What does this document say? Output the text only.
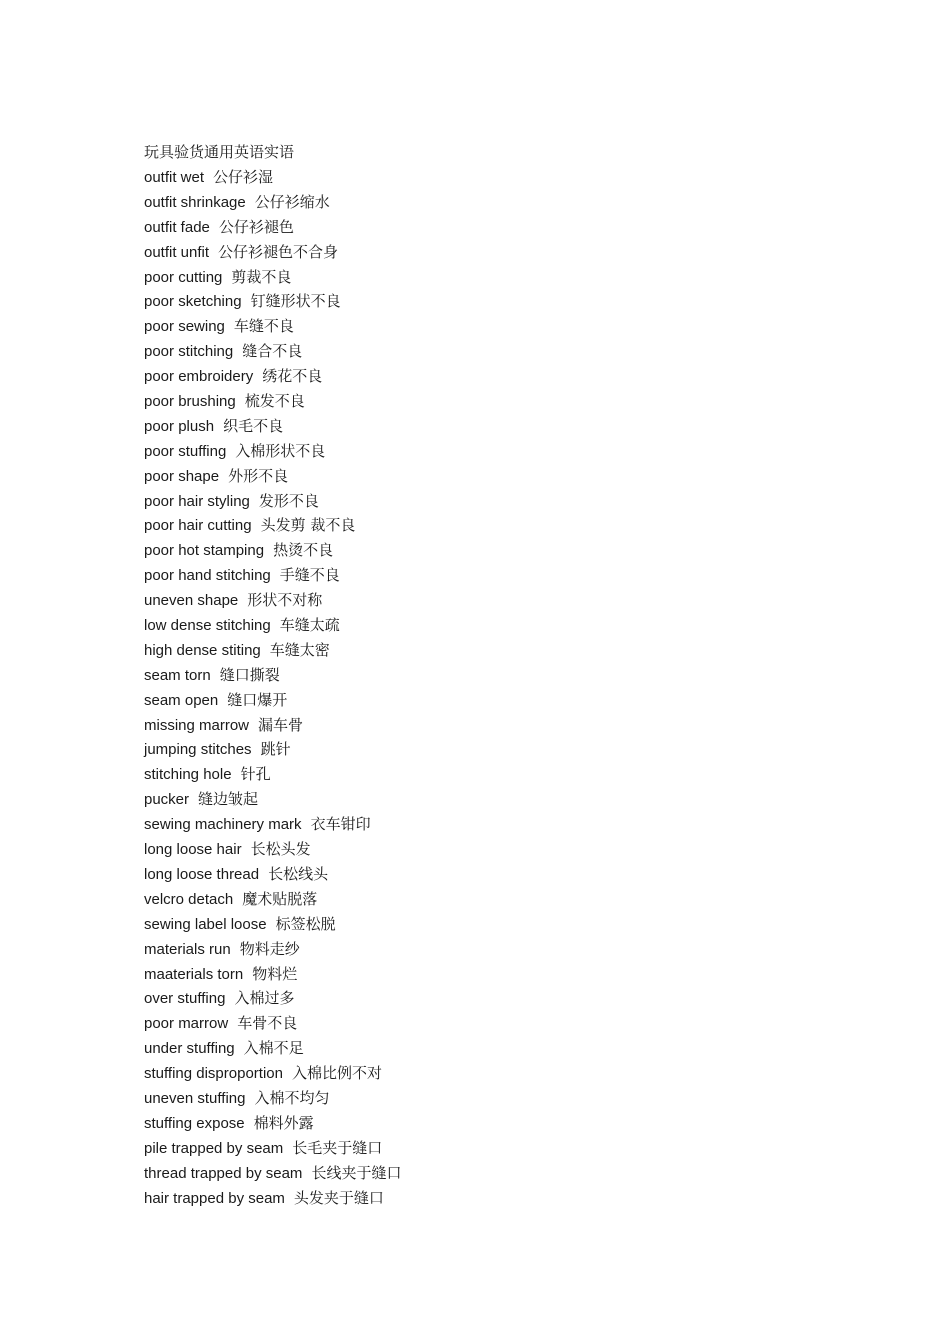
玩具验货通用英语实语
outfit wet 公仔衫湿
outfit shrinkage 公仔衫缩水
outfit fade 公仔衫褪色
outfit unfit 公仔衫褪色不合身
poor cutting 剪裁不良
poor sketching 钉缝形状不良
poor sewing 车缝不良
poor stitching 缝合不良
poor embroidery 绣花不良
poor brushing 梳发不良
poor plush 织毛不良
poor stuffing 入棉形状不良
poor shape 外形不良
poor hair styling 发形不良
poor hair cutting 头发剪 裁不良
poor hot stamping 热烫不良
poor hand stitching 手缝不良
uneven shape 形状不对称
low dense stitching 车缝太疏
high dense stiting 车缝太密
seam torn 缝口撕裂
seam open 缝口爆开
missing marrow 漏车骨
jumping stitches 跳针
stitching hole 针孔
pucker 缝边皱起
sewing machinery mark 衣车钳印
long loose hair 长松头发
long loose thread 长松线头
velcro detach 魔术贴脱落
sewing label loose 标签松脱
materials run 物料走纱
maaterials torn 物料烂
over stuffing 入棉过多
poor marrow 车骨不良
under stuffing 入棉不足
stuffing disproportion 入棉比例不对
uneven stuffing 入棉不均匀
stuffing expose 棉料外露
pile trapped by seam 长毛夹于缝口
thread trapped by seam 长线夹于缝口
hair trapped by seam 头发夹于缝口
